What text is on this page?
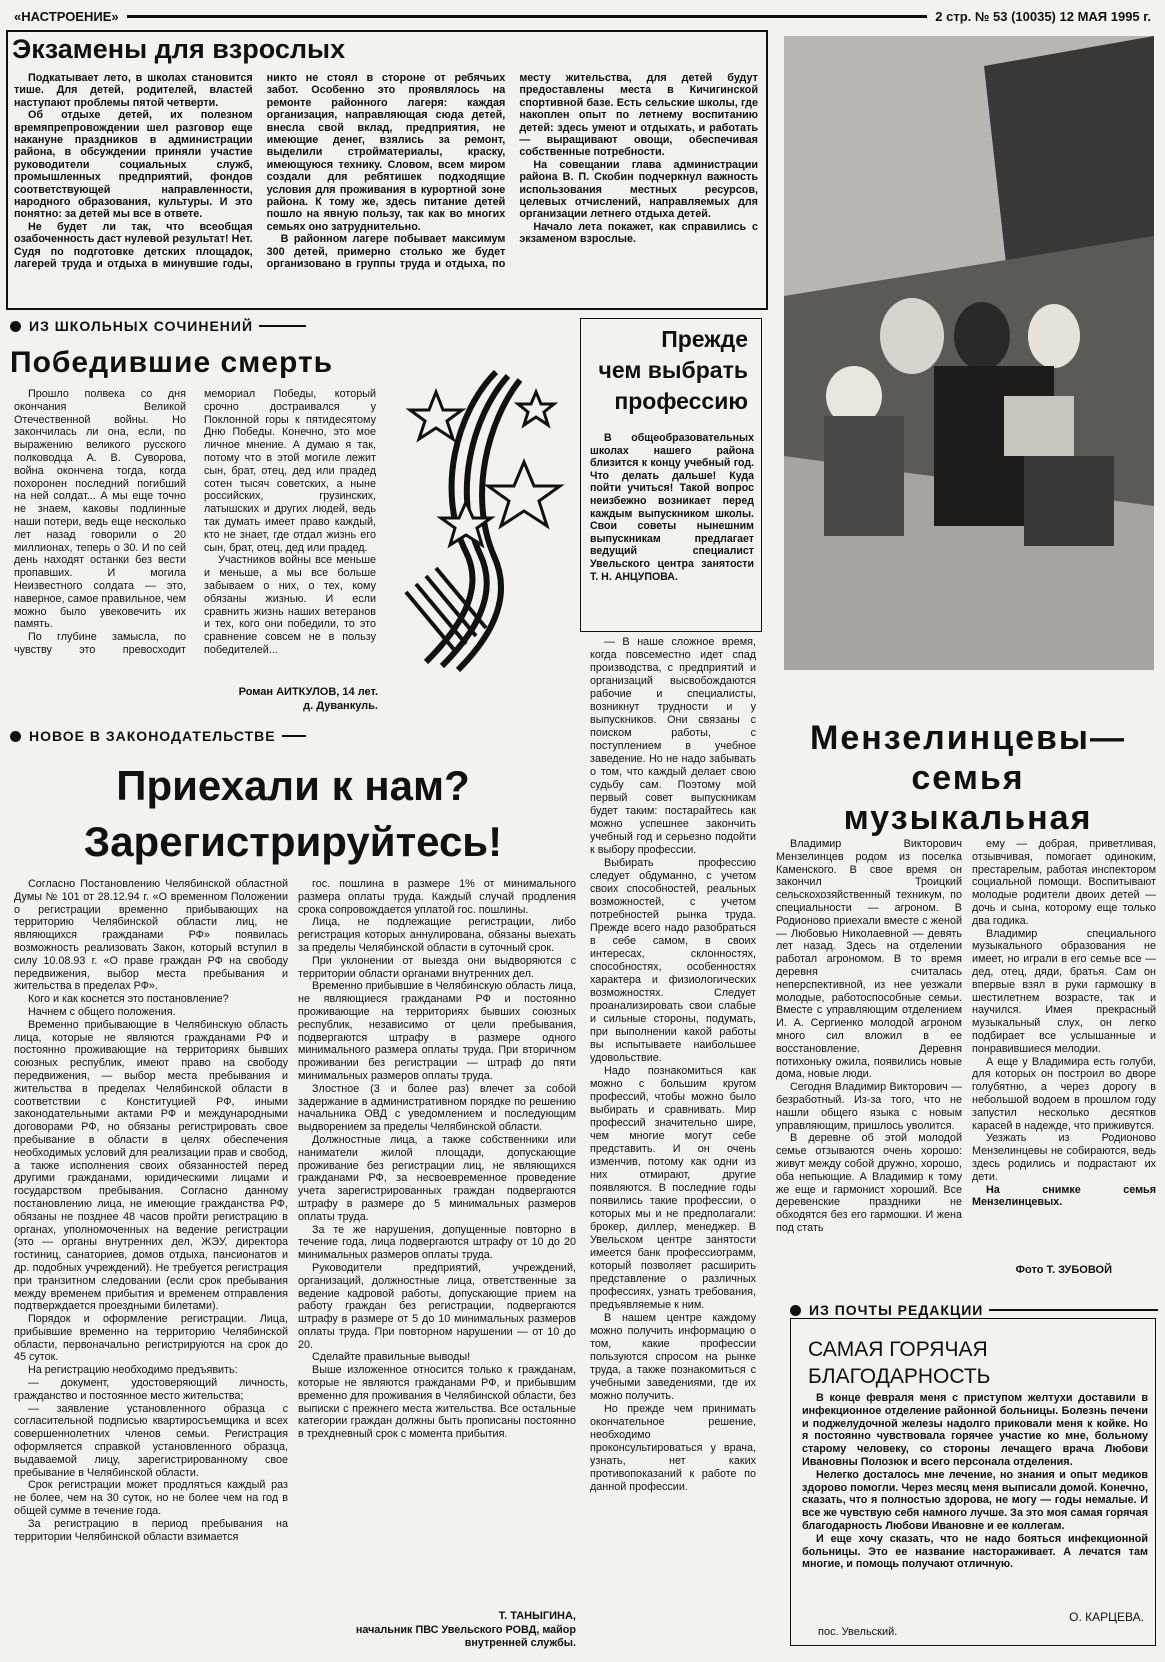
«НАСТРОЕНИЕ»	2 стр. № 53 (10035) 12 МАЯ 1995 г.
Экзамены для взрослых

Подкатывает лето, в школах становится тише. Для детей, родителей, властей наступают проблемы пятой четверти.

Об отдыхе детей, их полезном времяпрепровождении шел разговор еще накануне праздников в администрации района, в обсуждении приняли участие руководители социальных служб, промышленных предприятий, фондов соответствующей направленности, народного образования, культуры. И это понятно: за детей мы все в ответе.

Не будет ли так, что всеобщая озабоченность даст нулевой результат! Нет. Судя по подготовке детских площадок, лагерей труда и отдыха в минувшие годы, никто не стоял в стороне от ребячьих забот. Особенно это проявлялось на ремонте районного лагеря: каждая организация, направляющая сюда детей, внесла свой вклад, предприятия, не имеющие денег, взялись за ремонт, выделили стройматериалы, краску, имеющуюся технику. Словом, всем миром создали для ребятишек подходящие условия для проживания в курортной зоне района. К тому же, здесь питание детей пошло на явную пользу, так как во многих семьях оно затруднительно.

В районном лагере побывает максимум 300 детей, примерно столько же будет организовано в группы труда и отдыха, по месту жительства, для детей будут предоставлены места в Кичигинской спортивной базе. Есть сельские школы, где накоплен опыт по летнему воспитанию детей: здесь умеют и отдыхать, и работать — выращивают овощи, обеспечивая собственные потребности.

На совещании глава администрации района В. П. Скобин подчеркнул важность использования местных ресурсов, целевых отчислений, направляемых для организации летнего отдыха детей.

Начало лета покажет, как справились с экзаменом взрослые.

ИЗ ШКОЛЬНЫХ СОЧИНЕНИЙ
Победившие смерть

Прошло полвека со дня окончания Великой Отечественной войны. Но закончилась ли она, если, по выражению великого русского полководца А. В. Суворова, война окончена тогда, когда похоронен последний погибший на ней солдат... А мы еще точно не знаем, каковы подлинные наши потери, ведь еще несколько лет назад говорили о 20 миллионах, теперь о 30. И по сей день находят останки без вести пропавших. И могила Неизвестного солдата — это, наверное, самое правильное, чем можно было увековечить их память.

По глубине замысла, по чувству это превосходит мемориал Победы, который срочно достраивался у Поклонной горы к пятидесятому Дню Победы. Конечно, это мое личное мнение. А думаю я так, потому что в этой могиле лежит сын, брат, отец, дед или прадед сотен тысяч советских, а ныне российских, грузинских, латышских и других людей, ведь так думать имеет право каждый, кто не знает, где отдал жизнь его сын, брат, отец, дед или прадед.

Участников войны все меньше и меньше, а мы все больше забываем о них, о тех, кому обязаны жизнью. И если сравнить жизнь наших ветеранов и тех, кого они победили, то это сравнение совсем не в пользу победителей...

Роман АИТКУЛОВ, 14 лет.
д. Дуванкуль.
Прежде
чем выбрать
профессию
В общеобразовательных школах нашего района близится к концу учебный год. Что делать дальше! Куда пойти учиться! Такой вопрос неизбежно возникает перед каждым выпускником школы. Свои советы нынешним выпускникам предлагает ведущий специалист Увельского центра занятости Т. Н. АНЦУПОВА.

— В наше сложное время, когда повсеместно идет спад производства, с предприятий и организаций высвобождаются рабочие и специалисты, возникнут трудности и у выпускников. Они связаны с поиском работы, с поступлением в учебное заведение. Но не надо забывать о том, что каждый делает свою судьбу сам. Поэтому мой первый совет выпускникам будет таким: постарайтесь как можно успешнее закончить учебный год и серьезно подойти к выбору профессии.

Выбирать профессию следует обдуманно, с учетом своих способностей, реальных возможностей, с учетом потребностей рынка труда. Прежде всего надо разобраться в себе самом, в своих интересах, склонностях, способностях, особенностях характера и физиологических возможностях. Следует проанализировать свои слабые и сильные стороны, подумать, при выполнении какой работы вы испытываете наибольшее удовольствие.

Надо познакомиться как можно с большим кругом профессий, чтобы можно было выбирать и сравнивать. Мир профессий значительно шире, чем многие могут себе представить. И он очень изменчив, потому как одни из них отмирают, другие появляются. В последние годы появились такие профессии, о которых мы и не предполагали: брокер, диллер, менеджер. В Увельском центре занятости имеется банк профессиограмм, который позволяет расширить представление о различных профессиях, узнать требования, предъявляемые к ним.

В нашем центре каждому можно получить информацию о том, какие профессии пользуются спросом на рынке труда, а также познакомиться с учебными заведениями, где их можно получить.

Но прежде чем принимать окончательное решение, необходимо проконсультироваться у врача, узнать, нет каких противопоказаний к работе по данной профессии.

НОВОЕ В ЗАКОНОДАТЕЛЬСТВЕ
Приехали к нам?
Зарегистрируйтесь!

Согласно Постановлению Челябинской областной Думы № 101 от 28.12.94 г. «О временном Положении о регистрации временно прибывающих на территорию Челябинской области лиц, не являющихся гражданами РФ» появилась возможность реализовать Закон, который вступил в силу 10.08.93 г. «О праве граждан РФ на свободу передвижения, выбор места пребывания и жительства в пределах РФ».

Кого и как коснется это постановление?

Начнем с общего положения.

Временно прибывающие в Челябинскую область лица, которые не являются гражданами РФ и постоянно проживающие на территориях бывших союзных республик, имеют право на свободу передвижения, — выбор места пребывания и жительства в пределах Челябинской области в соответствии с Конституцией РФ, иными законодательными актами РФ и международными договорами РФ, но обязаны регистрировать свое пребывание в области в целях обеспечения необходимых условий для реализации прав и свобод, а также исполнения своих обязанностей перед другими гражданами, юридическими лицами и государством пребывания. Согласно данному постановлению лица, не имеющие гражданства РФ, обязаны не позднее 48 часов пройти регистрацию в органах, уполномоченных на ведение регистрации (это — органы внутренних дел, ЖЭУ, директора гостиниц, санаториев, домов отдыха, пансионатов и др. подобных учреждений). Не требуется регистрация при транзитном следовании (если срок пребывания между временем прибытия и временем отправления подтверждается проездными билетами).

Порядок и оформление регистрации. Лица, прибывшие временно на территорию Челябинской области, первоначально регистрируются на срок до 45 суток.

На регистрацию необходимо предъявить:

— документ, удостоверяющий личность, гражданство и постоянное место жительства;

— заявление установленного образца с согласительной подписью квартиросъемщика и всех совершеннолетних членов семьи. Регистрация оформляется справкой установленного образца, выдаваемой лицу, зарегистрированному свое пребывание в Челябинской области.

Срок регистрации может продляться каждый раз не более, чем на 30 суток, но не более чем на год в общей сумме в течение года.

За регистрацию в период пребывания на территории Челябинской области взимается

гос. пошлина в размере 1% от минимального размера оплаты труда. Каждый случай продления срока сопровождается уплатой гос. пошлины.

Лица, не подлежащие регистрации, либо регистрация которых аннулирована, обязаны выехать за пределы Челябинской области в суточный срок.

При уклонении от выезда они выдворяются с территории области органами внутренних дел.

Временно прибывшие в Челябинскую область лица, не являющиеся гражданами РФ и постоянно проживающие на территориях бывших союзных республик, независимо от цели пребывания, подвергаются штрафу в размере одного минимального размера оплаты труда. При вторичном проживании без регистрации — штраф до пяти минимальных размеров оплаты труда.

Злостное (3 и более раз) влечет за собой задержание в административном порядке по решению начальника ОВД с уведомлением и последующим выдворением за пределы Челябинской области.

Должностные лица, а также собственники или наниматели жилой площади, допускающие проживание без регистрации лиц, не являющихся гражданами РФ, за несвоевременное проведение учета зарегистрированных граждан подвергаются штрафу в размере до 5 минимальных размеров оплаты труда.

За те же нарушения, допущенные повторно в течение года, лица подвергаются штрафу от 10 до 20 минимальных размеров оплаты труда.

Руководители предприятий, учреждений, организаций, должностные лица, ответственные за ведение кадровой работы, допускающие прием на работу граждан без регистрации, подвергаются штрафу в размере от 5 до 10 минимальных размеров оплаты труда. При повторном нарушении — от 10 до 20.

Сделайте правильные выводы!

Выше изложенное относится только к гражданам, которые не являются гражданами РФ, и прибывшим временно для проживания в Челябинской области, без выписки с прежнего места жительства. Все остальные категории граждан должны быть прописаны постоянно в трехдневный срок с момента прибытия.

Т. ТАНЫГИНА,
начальник ПВС Увельского РОВД, майор внутренней службы.
Мензелинцевы—
семья
музыкальная

Владимир Викторович Мензелинцев родом из поселка Каменского. В свое время он закончил Троицкий сельскохозяйственный техникум, по специальности — агроном. В Родионово приехали вместе с женой — Любовью Николаевной — девять лет назад. Здесь на отделении работал агрономом. В то время деревня считалась неперспективной, из нее уезжали молодые, работоспособные семьи. Вместе с управляющим отделением И. А. Сергиенко молодой агроном много сил вложил в ее восстановление. Деревня потихоньку ожила, появились новые дома, новые люди.

Сегодня Владимир Викторович — безработный. Из-за того, что не нашли общего языка с новым управляющим, пришлось уволится.

В деревне об этой молодой семье отзываются очень хорошо: живут между собой дружно, хорошо, оба непьющие. А Владимир к тому же еще и гармонист хороший. Все деревенские праздники не обходятся без его гармошки. И жена под стать

ему — добрая, приветливая, отзывчивая, помогает одиноким, престарелым, работая инспектором социальной помощи. Воспитывают молодые родители двоих детей — дочь и сына, которому еще только два годика.

Владимир специального музыкального образования не имеет, но играли в его семье все — дед, отец, дяди, братья. Сам он впервые взял в руки гармошку в шестилетнем возрасте, так и научился. Имея прекрасный музыкальный слух, он легко подбирает все услышанные и понравившиеся мелодии.

А еще у Владимира есть голуби, для которых он построил во дворе голубятню, а через дорогу в небольшой водоем в прошлом году запустил несколько десятков карасей в надежде, что приживутся.

Уезжать из Родионово Мензелинцевы не собираются, ведь здесь родились и подрастают их дети.

На снимке семья Мензелинцевых.

Фото Т. ЗУБОВОЙ
ИЗ ПОЧТЫ РЕДАКЦИИ
САМАЯ ГОРЯЧАЯ
БЛАГОДАРНОСТЬ

В конце февраля меня с приступом желтухи доставили в инфекционное отделение районной больницы. Болезнь печени и поджелудочной железы надолго приковали меня к койке. Но я постоянно чувствовала горячее участие ко мне, больному старому человеку, со стороны лечащего врача Любови Ивановны Полозюк и всего персонала отделения.

Нелегко досталось мне лечение, но знания и опыт медиков здорово помогли. Через месяц меня выписали домой. Конечно, сказать, что я полностью здорова, не могу — годы немалые. И все же чувствую себя намного лучше. За это моя самая горячая благодарность Любови Ивановне и ее коллегам.

И еще хочу сказать, что не надо бояться инфекционной больницы. Это ее название настораживает. А лечатся там многие, и помощь получают отличную.

О. КАРЦЕВА.
пос. Увельский.
